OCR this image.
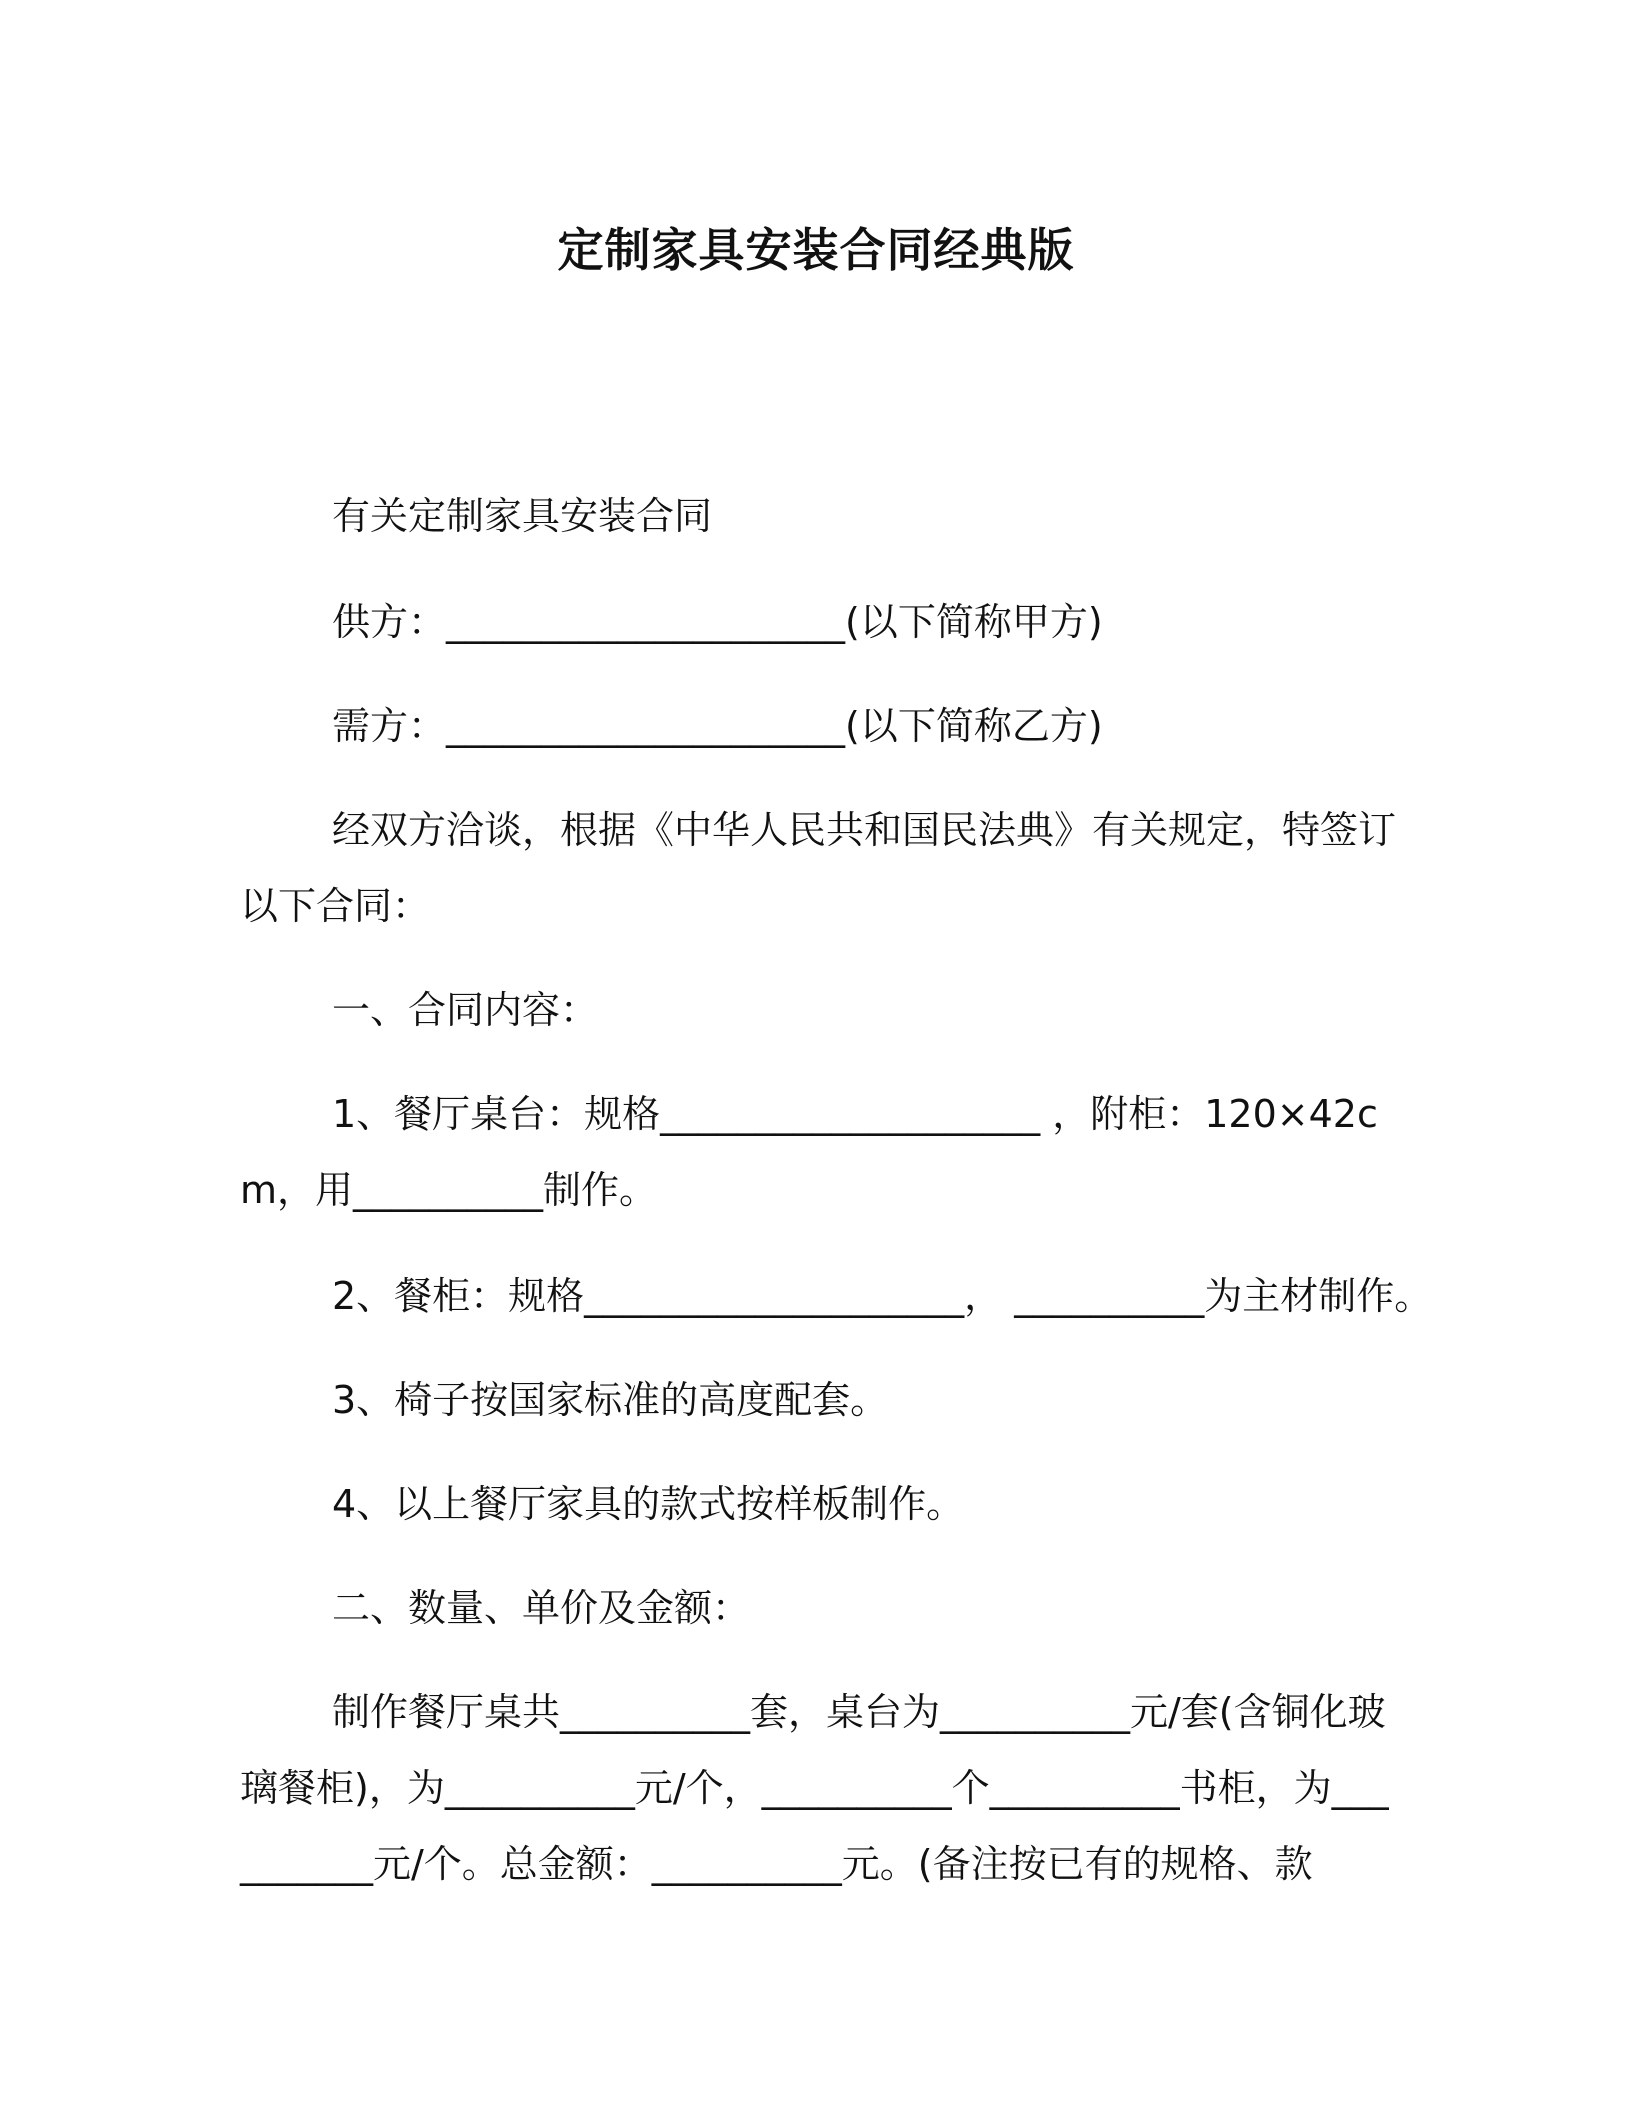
定制家具安装合同经典版
有关定制家具安装合同
供方：_____________________(以下简称甲方)
需方：_____________________(以下简称乙方)
经双方洽谈，根据《中华人民共和国民法典》有关规定，特签订以下合同：
一、合同内容：
1、餐厅桌台：规格____________________ ，附柜：120×42cm，用__________制作。
2、餐柜：规格____________________， __________为主材制作。
3、椅子按国家标准的高度配套。
4、以上餐厅家具的款式按样板制作。
二、数量、单价及金额：
制作餐厅桌共__________套，桌台为__________元/套(含铜化玻璃餐柜)，为__________元/个，__________个__________书柜，为__________元/个。总金额：__________元。(备注按已有的规格、款
